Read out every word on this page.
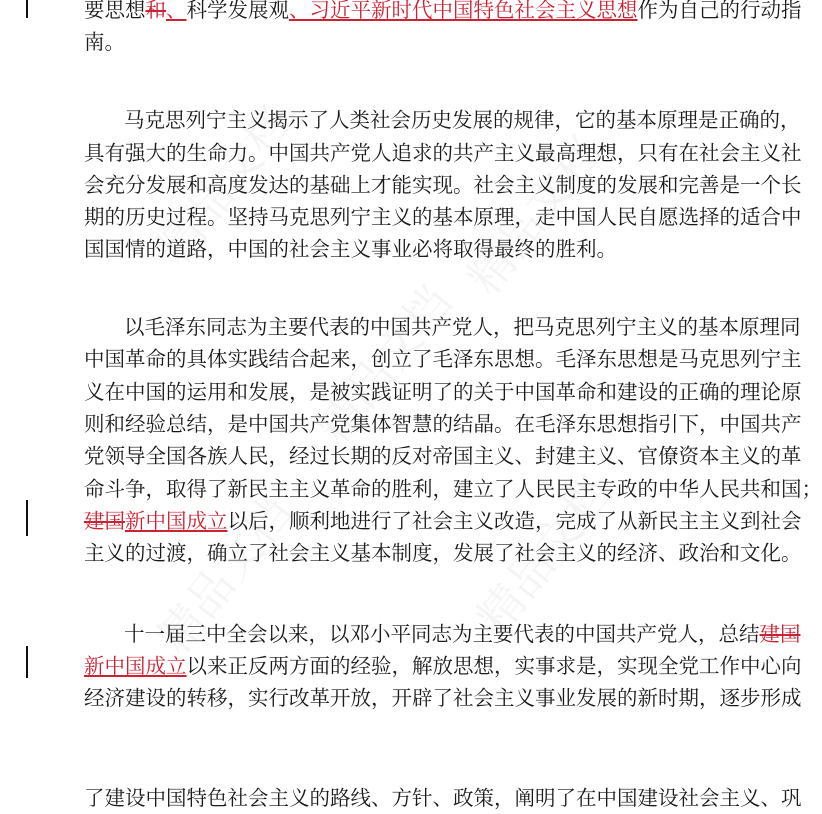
要思想和、科学发展观、习近平新时代中国特色社会主义思想作为自己的行动指
南。
马克思列宁主义揭示了人类社会历史发展的规律，它的基本原理是正确的，
具有强大的生命力。中国共产党人追求的共产主义最高理想，只有在社会主义社
会充分发展和高度发达的基础上才能实现。社会主义制度的发展和完善是一个长
期的历史过程。坚持马克思列宁主义的基本原理，走中国人民自愿选择的适合中
国国情的道路，中国的社会主义事业必将取得最终的胜利。
以毛泽东同志为主要代表的中国共产党人，把马克思列宁主义的基本原理同
中国革命的具体实践结合起来，创立了毛泽东思想。毛泽东思想是马克思列宁主
义在中国的运用和发展，是被实践证明了的关于中国革命和建设的正确的理论原
则和经验总结，是中国共产党集体智慧的结晶。在毛泽东思想指引下，中国共产
党领导全国各族人民，经过长期的反对帝国主义、封建主义、官僚资本主义的革
命斗争，取得了新民主主义革命的胜利，建立了人民民主专政的中华人民共和国；
建国新中国成立以后，顺利地进行了社会主义改造，完成了从新民主主义到社会
主义的过渡，确立了社会主义基本制度，发展了社会主义的经济、政治和文化。
十一届三中全会以来，以邓小平同志为主要代表的中国共产党人，总结建国
新中国成立以来正反两方面的经验，解放思想，实事求是，实现全党工作中心向
经济建设的转移，实行改革开放，开辟了社会主义事业发展的新时期，逐步形成
了建设中国特色社会主义的路线、方针、政策，阐明了在中国建设社会主义、巩
